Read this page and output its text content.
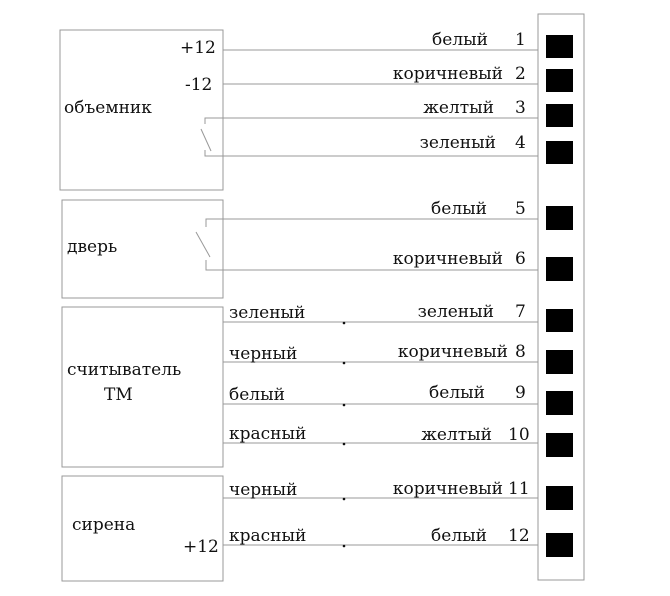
объемник
+12
-12
дверь
считыватель
ТМ
сирена
+12
зеленый
черный
белый
красный
черный
красный
белый
коричневый
желтый
зеленый
белый
коричневый
зеленый
коричневый
белый
желтый
коричневый
белый
1
2
3
4
5
6
7
8
9
10
11
12
